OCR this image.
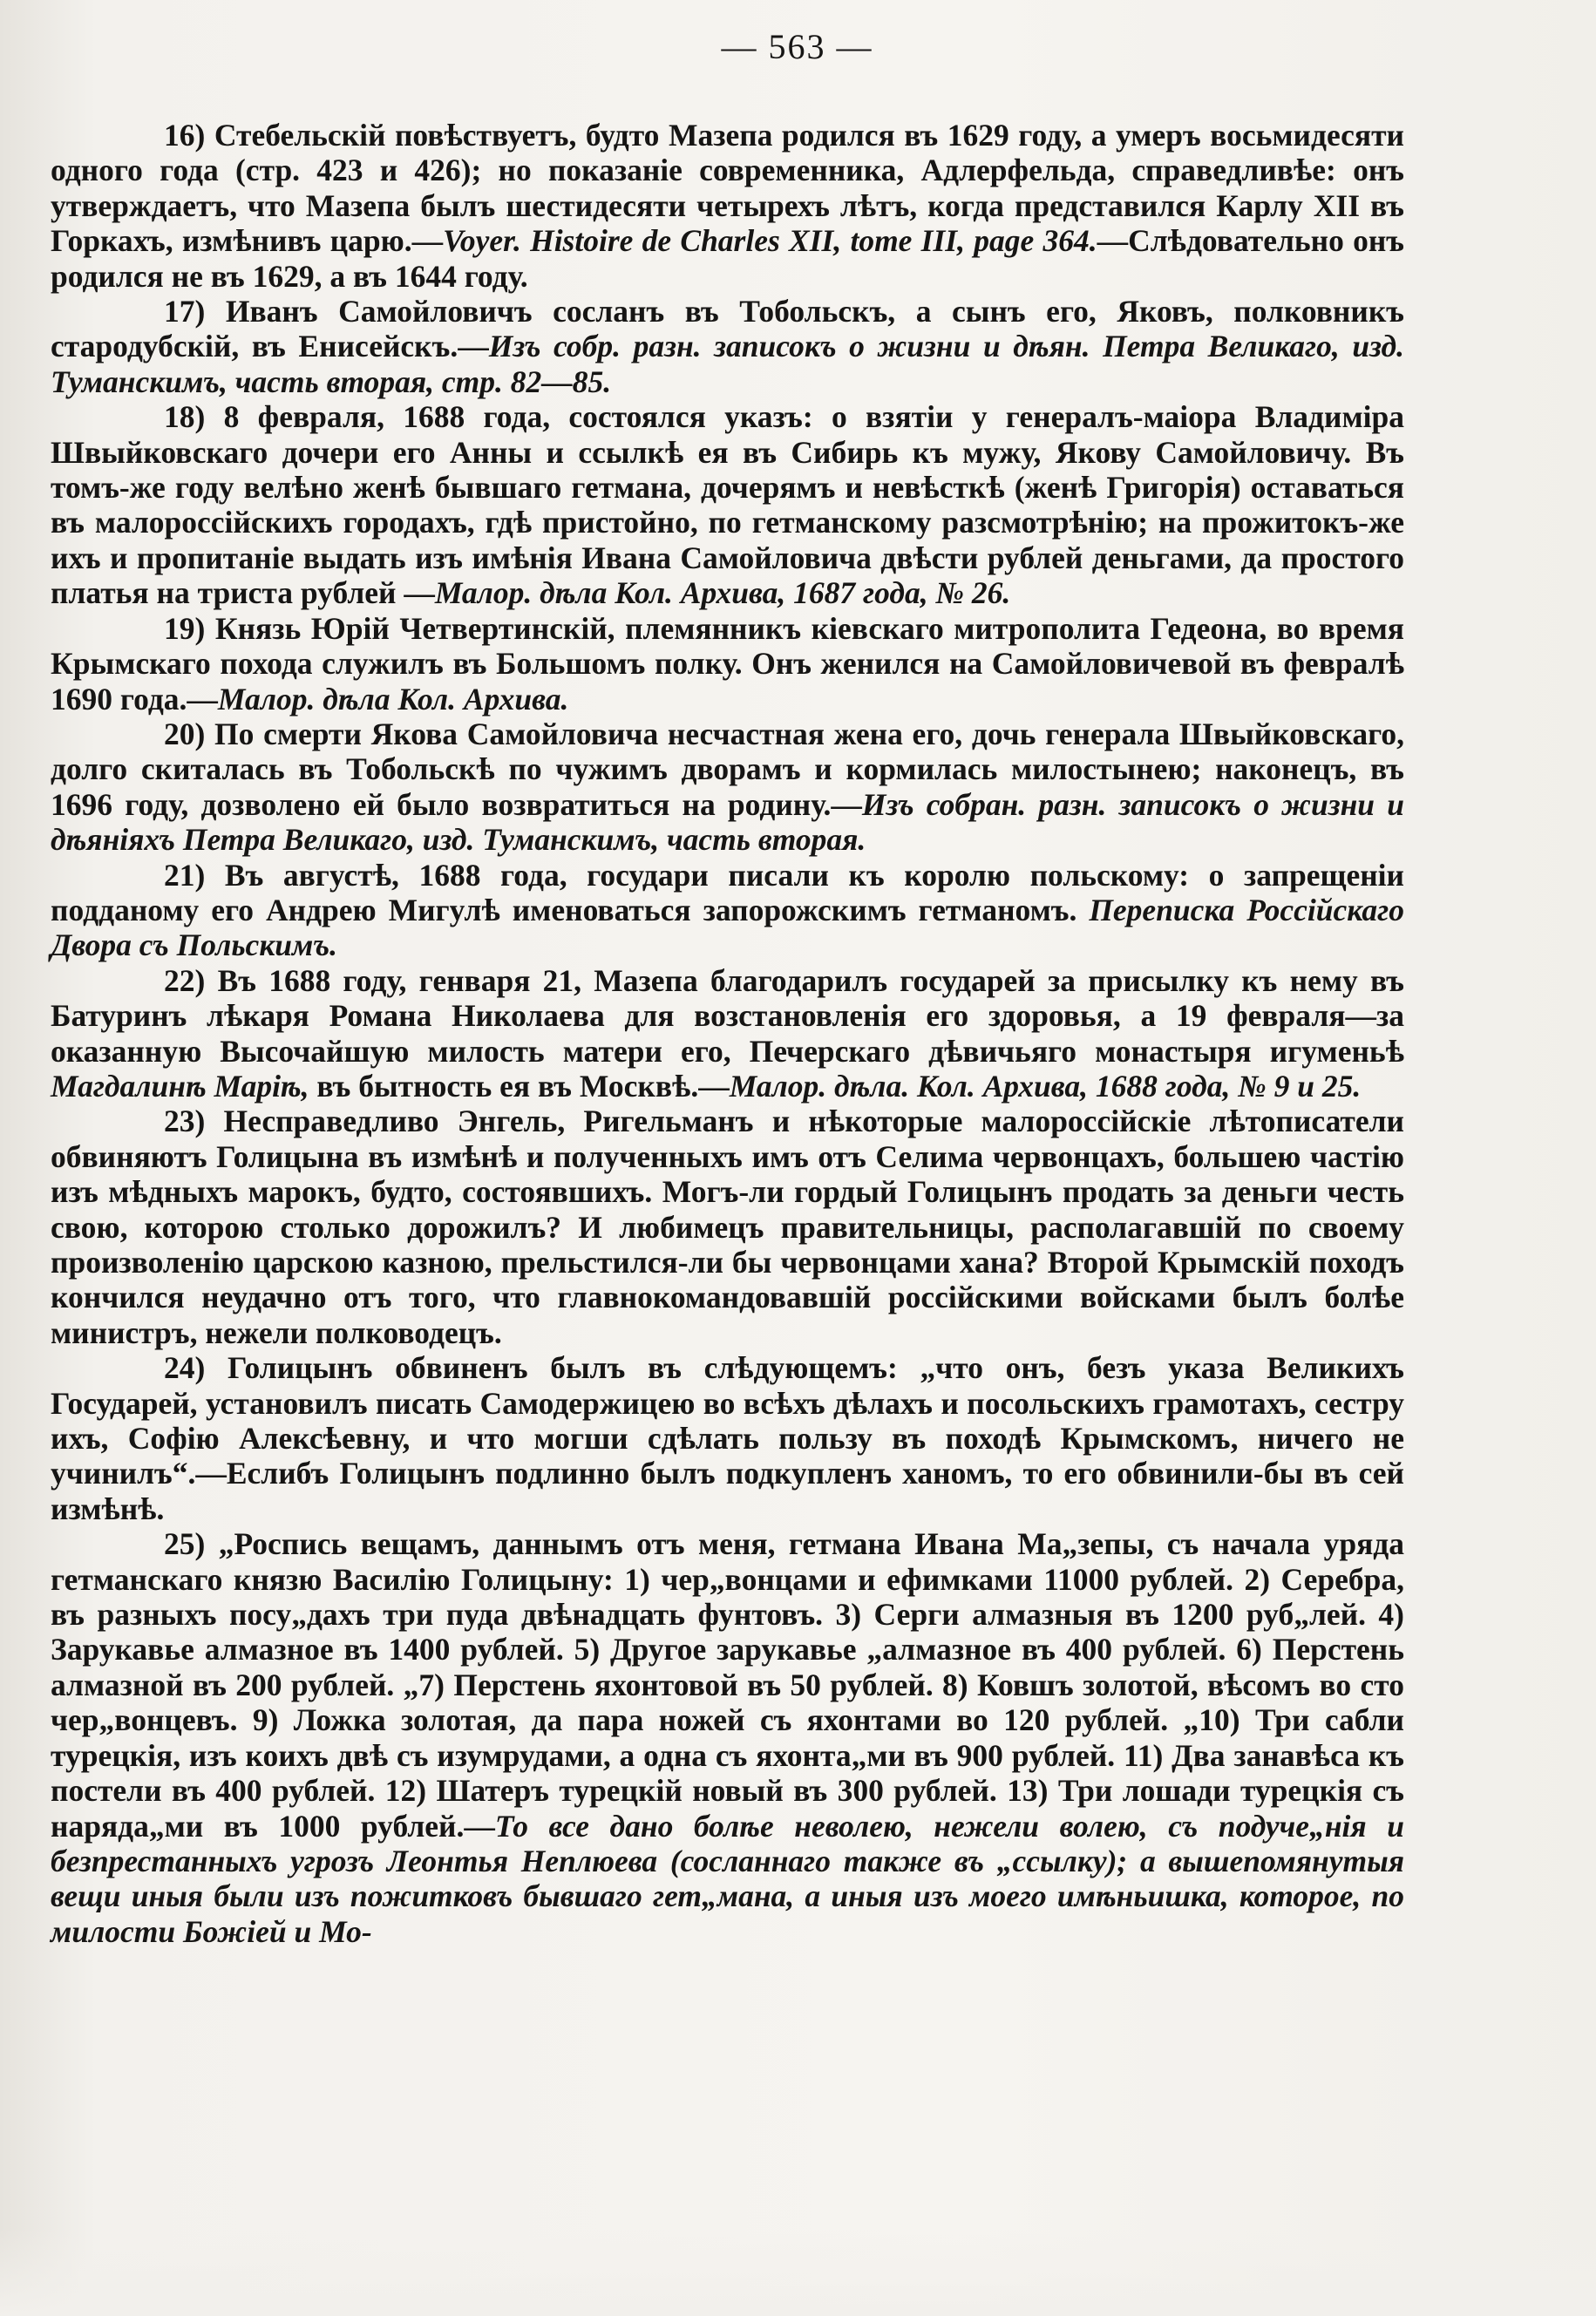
— 563 —

16) Стебельскій повѣствуетъ, будто Мазепа родился въ 1629 году, а умеръ восьмидесяти одного года (стр. 423 и 426); но показаніе современника, Адлерфельда, справедливѣе: онъ утверждаетъ, что Мазепа былъ шестидесяти четырехъ лѣтъ, когда представился Карлу XII въ Горкахъ, измѣнивъ царю.—Voyer. Histoire de Charles XII, tome III, page 364.—Слѣдовательно онъ родился не въ 1629, а въ 1644 году.

17) Иванъ Самойловичъ сосланъ въ Тобольскъ, а сынъ его, Яковъ, полковникъ стародубскій, въ Енисейскъ.—Изъ собр. разн. записокъ о жизни и дѣян. Петра Великаго, изд. Туманскимъ, часть вторая, стр. 82—85.

18) 8 февраля, 1688 года, состоялся указъ: о взятіи у генералъ-маіора Владиміра Швыйковскаго дочери его Анны и ссылкѣ ея въ Сибирь къ мужу, Якову Самойловичу. Въ томъ-же году велѣно женѣ бывшаго гетмана, дочерямъ и невѣсткѣ (женѣ Григорія) оставаться въ малороссійскихъ городахъ, гдѣ пристойно, по гетманскому разсмотрѣнію; на прожитокъ-же ихъ и пропитаніе выдать изъ имѣнія Ивана Самойловича двѣсти рублей деньгами, да простого платья на триста рублей —Малор. дѣла Кол. Архива, 1687 года, № 26.

19) Князь Юрій Четвертинскій, племянникъ кіевскаго митрополита Гедеона, во время Крымскаго похода служилъ въ Большомъ полку. Онъ женился на Самойловичевой въ февралѣ 1690 года.—Малор. дѣла Кол. Архива.

20) По смерти Якова Самойловича несчастная жена его, дочь генерала Швыйковскаго, долго скиталась въ Тобольскѣ по чужимъ дворамъ и кормилась милостынею; наконецъ, въ 1696 году, дозволено ей было возвратиться на родину.—Изъ собран. разн. записокъ о жизни и дѣяніяхъ Петра Великаго, изд. Туманскимъ, часть вторая.

21) Въ августѣ, 1688 года, государи писали къ королю польскому: о запрещеніи подданому его Андрею Мигулѣ именоваться запорожскимъ гетманомъ. Переписка Россійскаго Двора съ Польскимъ.

22) Въ 1688 году, генваря 21, Мазепа благодарилъ государей за присылку къ нему въ Батуринъ лѣкаря Романа Николаева для возстановленія его здоровья, а 19 февраля—за оказанную Высочайшую милость матери его, Печерскаго дѣвичьяго монастыря игуменьѣ Магдалинѣ Маріѣ, въ бытность ея въ Москвѣ.—Малор. дѣла. Кол. Архива, 1688 года, № 9 и 25.

23) Несправедливо Энгель, Ригельманъ и нѣкоторые малороссійскіе лѣтописатели обвиняютъ Голицына въ измѣнѣ и полученныхъ имъ отъ Селима червонцахъ, большею частію изъ мѣдныхъ марокъ, будто, состоявшихъ. Могъ-ли гордый Голицынъ продать за деньги честь свою, которою столько дорожилъ? И любимецъ правительницы, располагавшій по своему произволенію царскою казною, прельстился-ли бы червонцами хана? Второй Крымскій походъ кончился неудачно отъ того, что главнокомандовавшій россійскими войсками былъ болѣе министръ, нежели полководецъ.

24) Голицынъ обвиненъ былъ въ слѣдующемъ: „что онъ, безъ указа Великихъ Государей, установилъ писать Самодержицею во всѣхъ дѣлахъ и посольскихъ грамотахъ, сестру ихъ, Софію Алексѣевну, и что могши сдѣлать пользу въ походѣ Крымскомъ, ничего не учинилъ“.—Еслибъ Голицынъ подлинно былъ подкупленъ ханомъ, то его обвинили-бы въ сей измѣнѣ.

25) „Роспись вещамъ, даннымъ отъ меня, гетмана Ивана Ма„зепы, съ начала уряда гетманскаго князю Василію Голицыну: 1) чер„вонцами и ефимками 11000 рублей. 2) Серебра, въ разныхъ посу„дахъ три пуда двѣнадцать фунтовъ. 3) Серги алмазныя въ 1200 руб„лей. 4) Зарукавье алмазное въ 1400 рублей. 5) Другое зарукавье „алмазное въ 400 рублей. 6) Перстень алмазной въ 200 рублей. „7) Перстень яхонтовой въ 50 рублей. 8) Ковшъ золотой, вѣсомъ во сто чер„вонцевъ. 9) Ложка золотая, да пара ножей съ яхонтами во 120 рублей. „10) Три сабли турецкія, изъ коихъ двѣ съ изумрудами, а одна съ яхонта„ми въ 900 рублей. 11) Два занавѣса къ постели въ 400 рублей. 12) Шатеръ турецкій новый въ 300 рублей. 13) Три лошади турецкія съ наряда„ми въ 1000 рублей.—То все дано болѣе неволею, нежели волею, съ подуче„нія и безпрестанныхъ угрозъ Леонтья Неплюева (сосланнаго также въ „ссылку); а вышепомянутыя вещи иныя были изъ пожитковъ бывшаго гет„мана, а иныя изъ моего имѣньишка, которое, по милости Божіей и Мо-
